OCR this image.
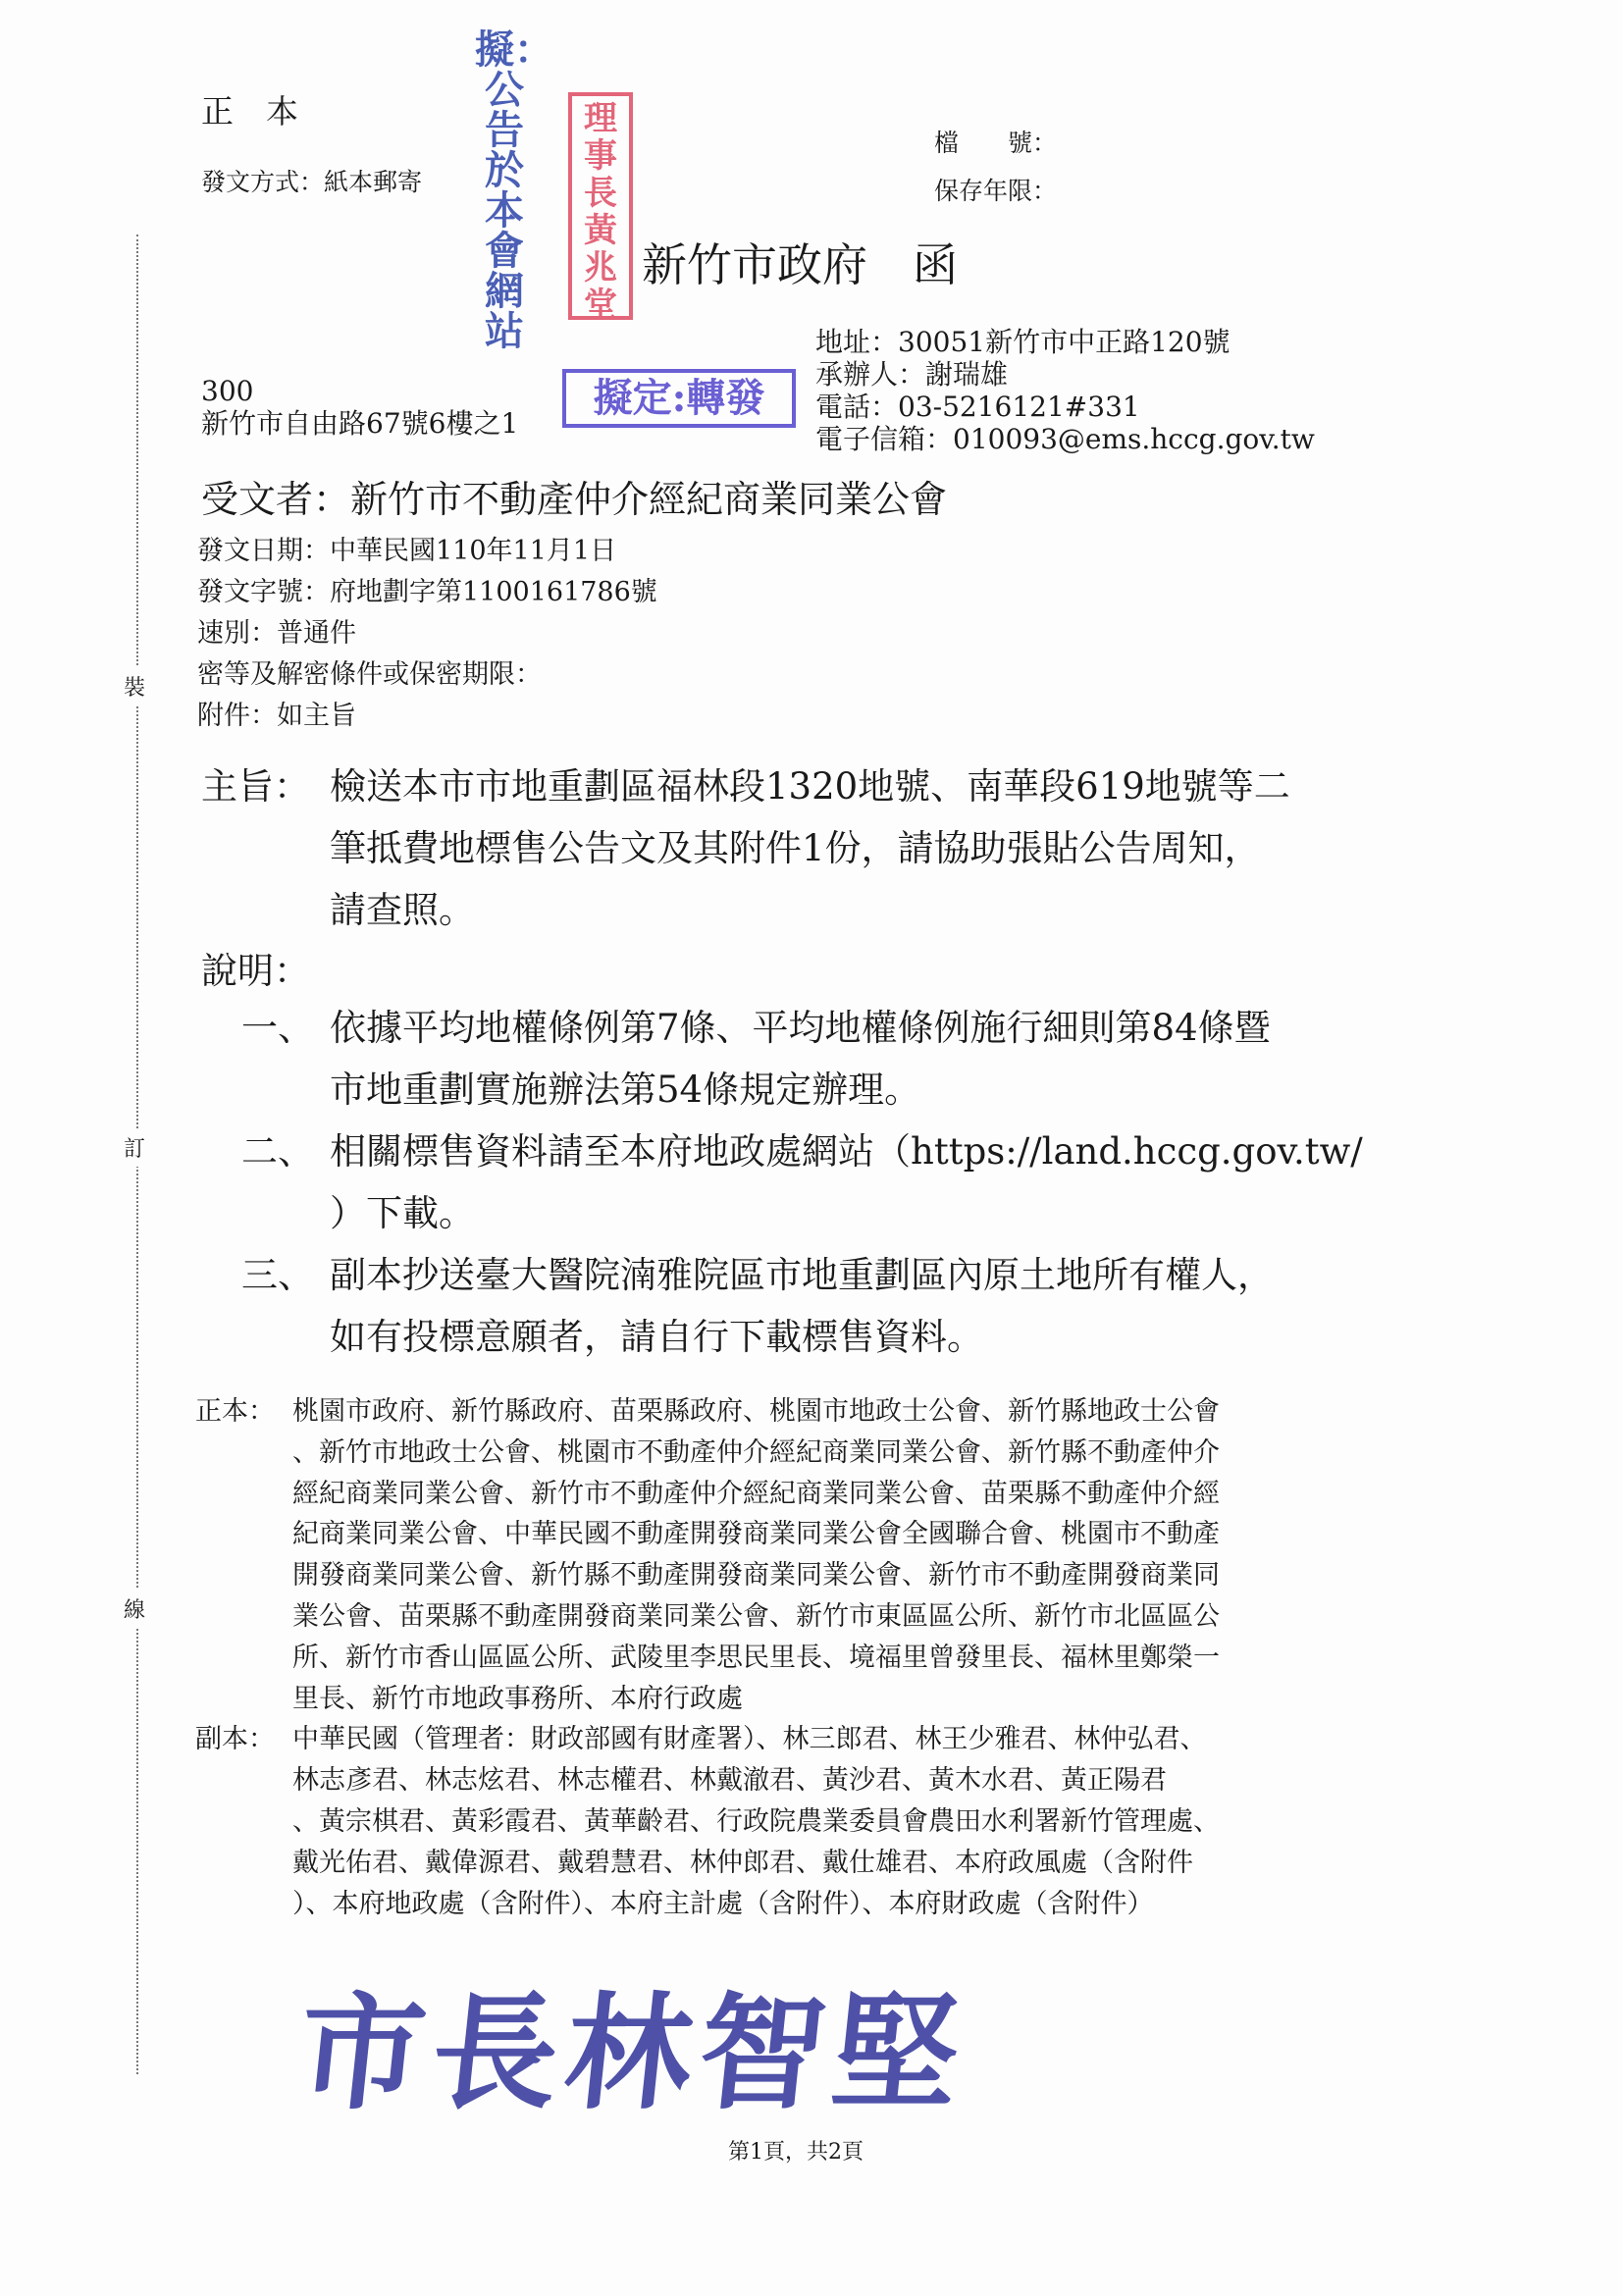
裝
訂
線
正　本
發文方式：紙本郵寄
檔　　號：
保存年限：
新竹市政府　函
地址：30051新竹市中正路120號
承辦人：謝瑞雄
電話：03-5216121#331
電子信箱：010093@ems.hccg.gov.tw
300
新竹市自由路67號6樓之1
受文者：新竹市不動產仲介經紀商業同業公會
發文日期：中華民國110年11月1日
發文字號：府地劃字第1100161786號
速別：普通件
密等及解密條件或保密期限：
附件：如主旨
主旨： 檢送本市市地重劃區福林段1320地號、南華段619地號等二
筆抵費地標售公告文及其附件1份，請協助張貼公告周知，
請查照。
說明：
一、 依據平均地權條例第7條、平均地權條例施行細則第84條暨
市地重劃實施辦法第54條規定辦理。
二、 相關標售資料請至本府地政處網站（https://land.hccg.gov.tw/
）下載。
三、 副本抄送臺大醫院湳雅院區市地重劃區內原土地所有權人，
如有投標意願者，請自行下載標售資料。
正本： 桃園市政府、新竹縣政府、苗栗縣政府、桃園市地政士公會、新竹縣地政士公會
、新竹市地政士公會、桃園市不動產仲介經紀商業同業公會、新竹縣不動產仲介
經紀商業同業公會、新竹市不動產仲介經紀商業同業公會、苗栗縣不動產仲介經
紀商業同業公會、中華民國不動產開發商業同業公會全國聯合會、桃園市不動產
開發商業同業公會、新竹縣不動產開發商業同業公會、新竹市不動產開發商業同
業公會、苗栗縣不動產開發商業同業公會、新竹市東區區公所、新竹市北區區公
所、新竹市香山區區公所、武陵里李思民里長、境福里曾發里長、福林里鄭榮一
里長、新竹市地政事務所、本府行政處
副本： 中華民國（管理者：財政部國有財產署）、林三郎君、林王少雅君、林仲弘君、
林志彥君、林志炫君、林志權君、林戴澈君、黃沙君、黃木水君、黃正陽君
、黃宗棋君、黃彩霞君、黃華齡君、行政院農業委員會農田水利署新竹管理處、
戴光佑君、戴偉源君、戴碧慧君、林仲郎君、戴仕雄君、本府政風處（含附件
）、本府地政處（含附件）、本府主計處（含附件）、本府財政處（含附件）
擬：公告於本會網站
理事長黃兆堂
擬定:轉發
市長林智堅
第1頁，共2頁
